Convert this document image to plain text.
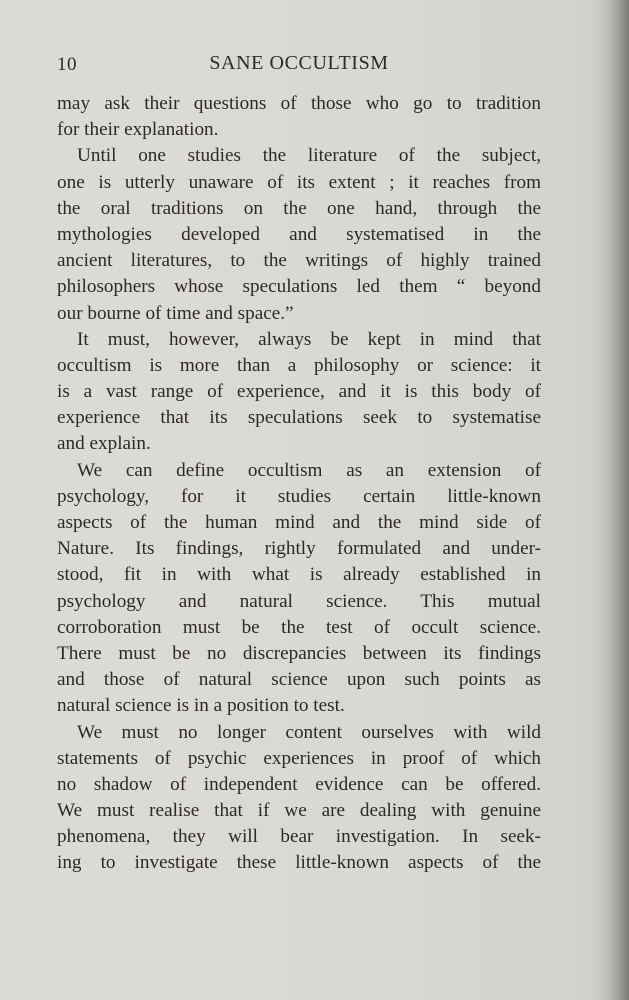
10	SANE OCCULTISM
may ask their questions of those who go to tradition
for their explanation.
Until one studies the literature of the subject,
one is utterly unaware of its extent ; it reaches from
the oral traditions on the one hand, through the
mythologies developed and systematised in the
ancient literatures, to the writings of highly trained
philosophers whose speculations led them “ beyond
our bourne of time and space.”
It must, however, always be kept in mind that
occultism is more than a philosophy or science: it
is a vast range of experience, and it is this body of
experience that its speculations seek to systematise
and explain.
We can define occultism as an extension of
psychology, for it studies certain little-known
aspects of the human mind and the mind side of
Nature. Its findings, rightly formulated and under-
stood, fit in with what is already established in
psychology and natural science. This mutual
corroboration must be the test of occult science.
There must be no discrepancies between its findings
and those of natural science upon such points as
natural science is in a position to test.
We must no longer content ourselves with wild
statements of psychic experiences in proof of which
no shadow of independent evidence can be offered.
We must realise that if we are dealing with genuine
phenomena, they will bear investigation. In seek-
ing to investigate these little-known aspects of the
